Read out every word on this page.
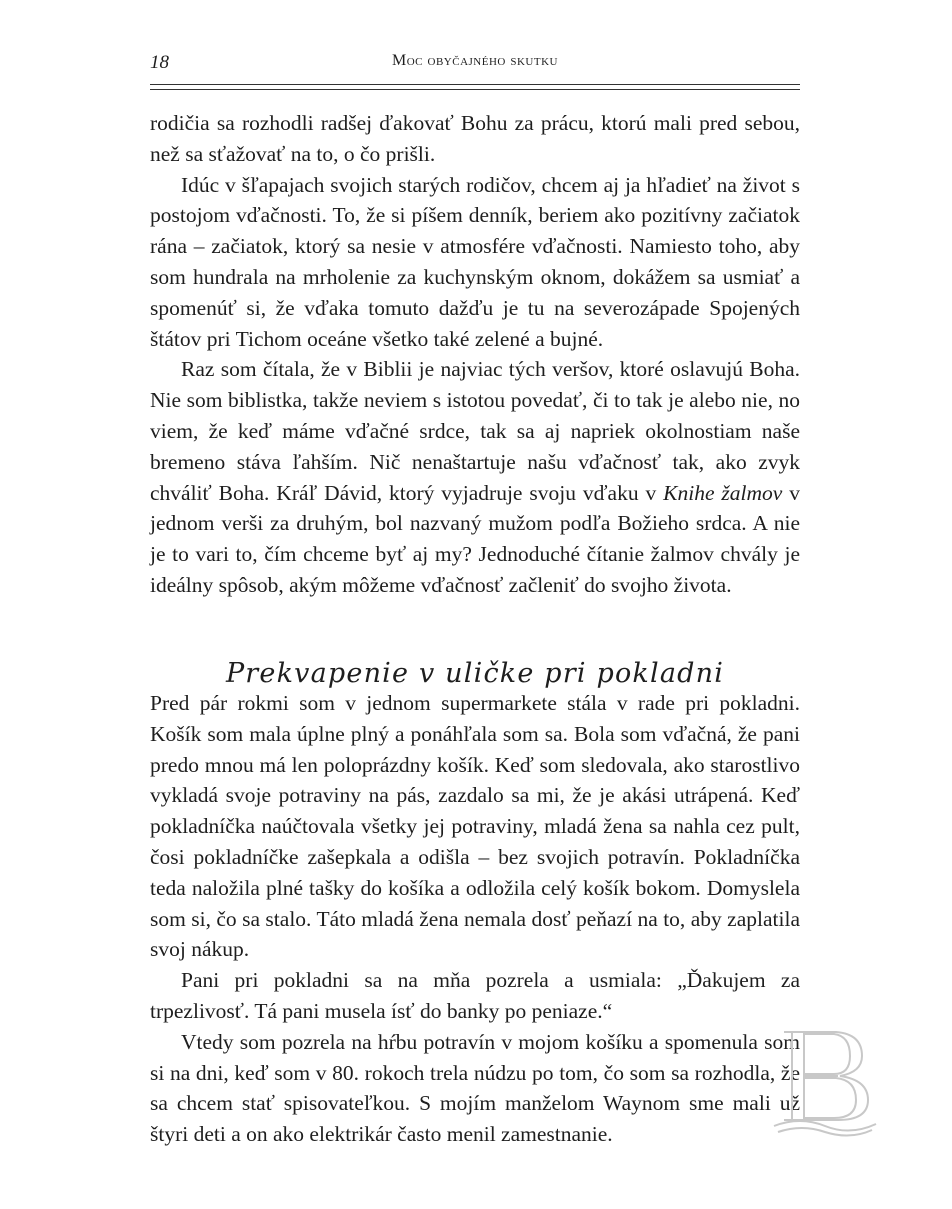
18	Moc obyčajného skutku

rodičia sa rozhodli radšej ďakovať Bohu za prácu, ktorú mali pred sebou, než sa sťažovať na to, o čo prišli.

Idúc v šľapajach svojich starých rodičov, chcem aj ja hľadieť na život s postojom vďačnosti. To, že si píšem denník, beriem ako pozitívny začiatok rána – začiatok, ktorý sa nesie v atmosfére vďačnosti. Namiesto toho, aby som hundrala na mrholenie za kuchynským oknom, dokážem sa usmiať a spomenúť si, že vďaka tomuto dažďu je tu na severozápade Spojených štátov pri Tichom oceáne všetko také zelené a bujné.

Raz som čítala, že v Biblii je najviac tých veršov, ktoré oslavujú Boha. Nie som biblistka, takže neviem s istotou povedať, či to tak je alebo nie, no viem, že keď máme vďačné srdce, tak sa aj napriek okolnostiam naše bremeno stáva ľahším. Nič nenaštartuje našu vďačnosť tak, ako zvyk chváliť Boha. Kráľ Dávid, ktorý vyjadruje svoju vďaku v Knihe žalmov v jednom verši za druhým, bol nazvaný mužom podľa Božieho srdca. A nie je to vari to, čím chceme byť aj my? Jednoduché čítanie žalmov chvály je ideálny spôsob, akým môžeme vďačnosť začleniť do svojho života.

Prekvapenie v uličke pri pokladni

Pred pár rokmi som v jednom supermarkete stála v rade pri pokladni. Košík som mala úplne plný a ponáhľala som sa. Bola som vďačná, že pani predo mnou má len poloprázdny košík. Keď som sledovala, ako starostlivo vykladá svoje potraviny na pás, zazdalo sa mi, že je akási utrápená. Keď pokladníčka naúčtovala všetky jej potraviny, mladá žena sa nahla cez pult, čosi pokladníčke zašepkala a odišla – bez svojich potravín. Pokladníčka teda naložila plné tašky do košíka a odložila celý košík bokom. Domyslela som si, čo sa stalo. Táto mladá žena nemala dosť peňazí na to, aby zaplatila svoj nákup.

Pani pri pokladni sa na mňa pozrela a usmiala: „Ďakujem za trpezlivosť. Tá pani musela ísť do banky po peniaze.“

Vtedy som pozrela na hŕbu potravín v mojom košíku a spomenula som si na dni, keď som v 80. rokoch trela núdzu po tom, čo som sa rozhodla, že sa chcem stať spisovateľkou. S mojím manželom Waynom sme mali už štyri deti a on ako elektrikár často menil zamestnanie.
